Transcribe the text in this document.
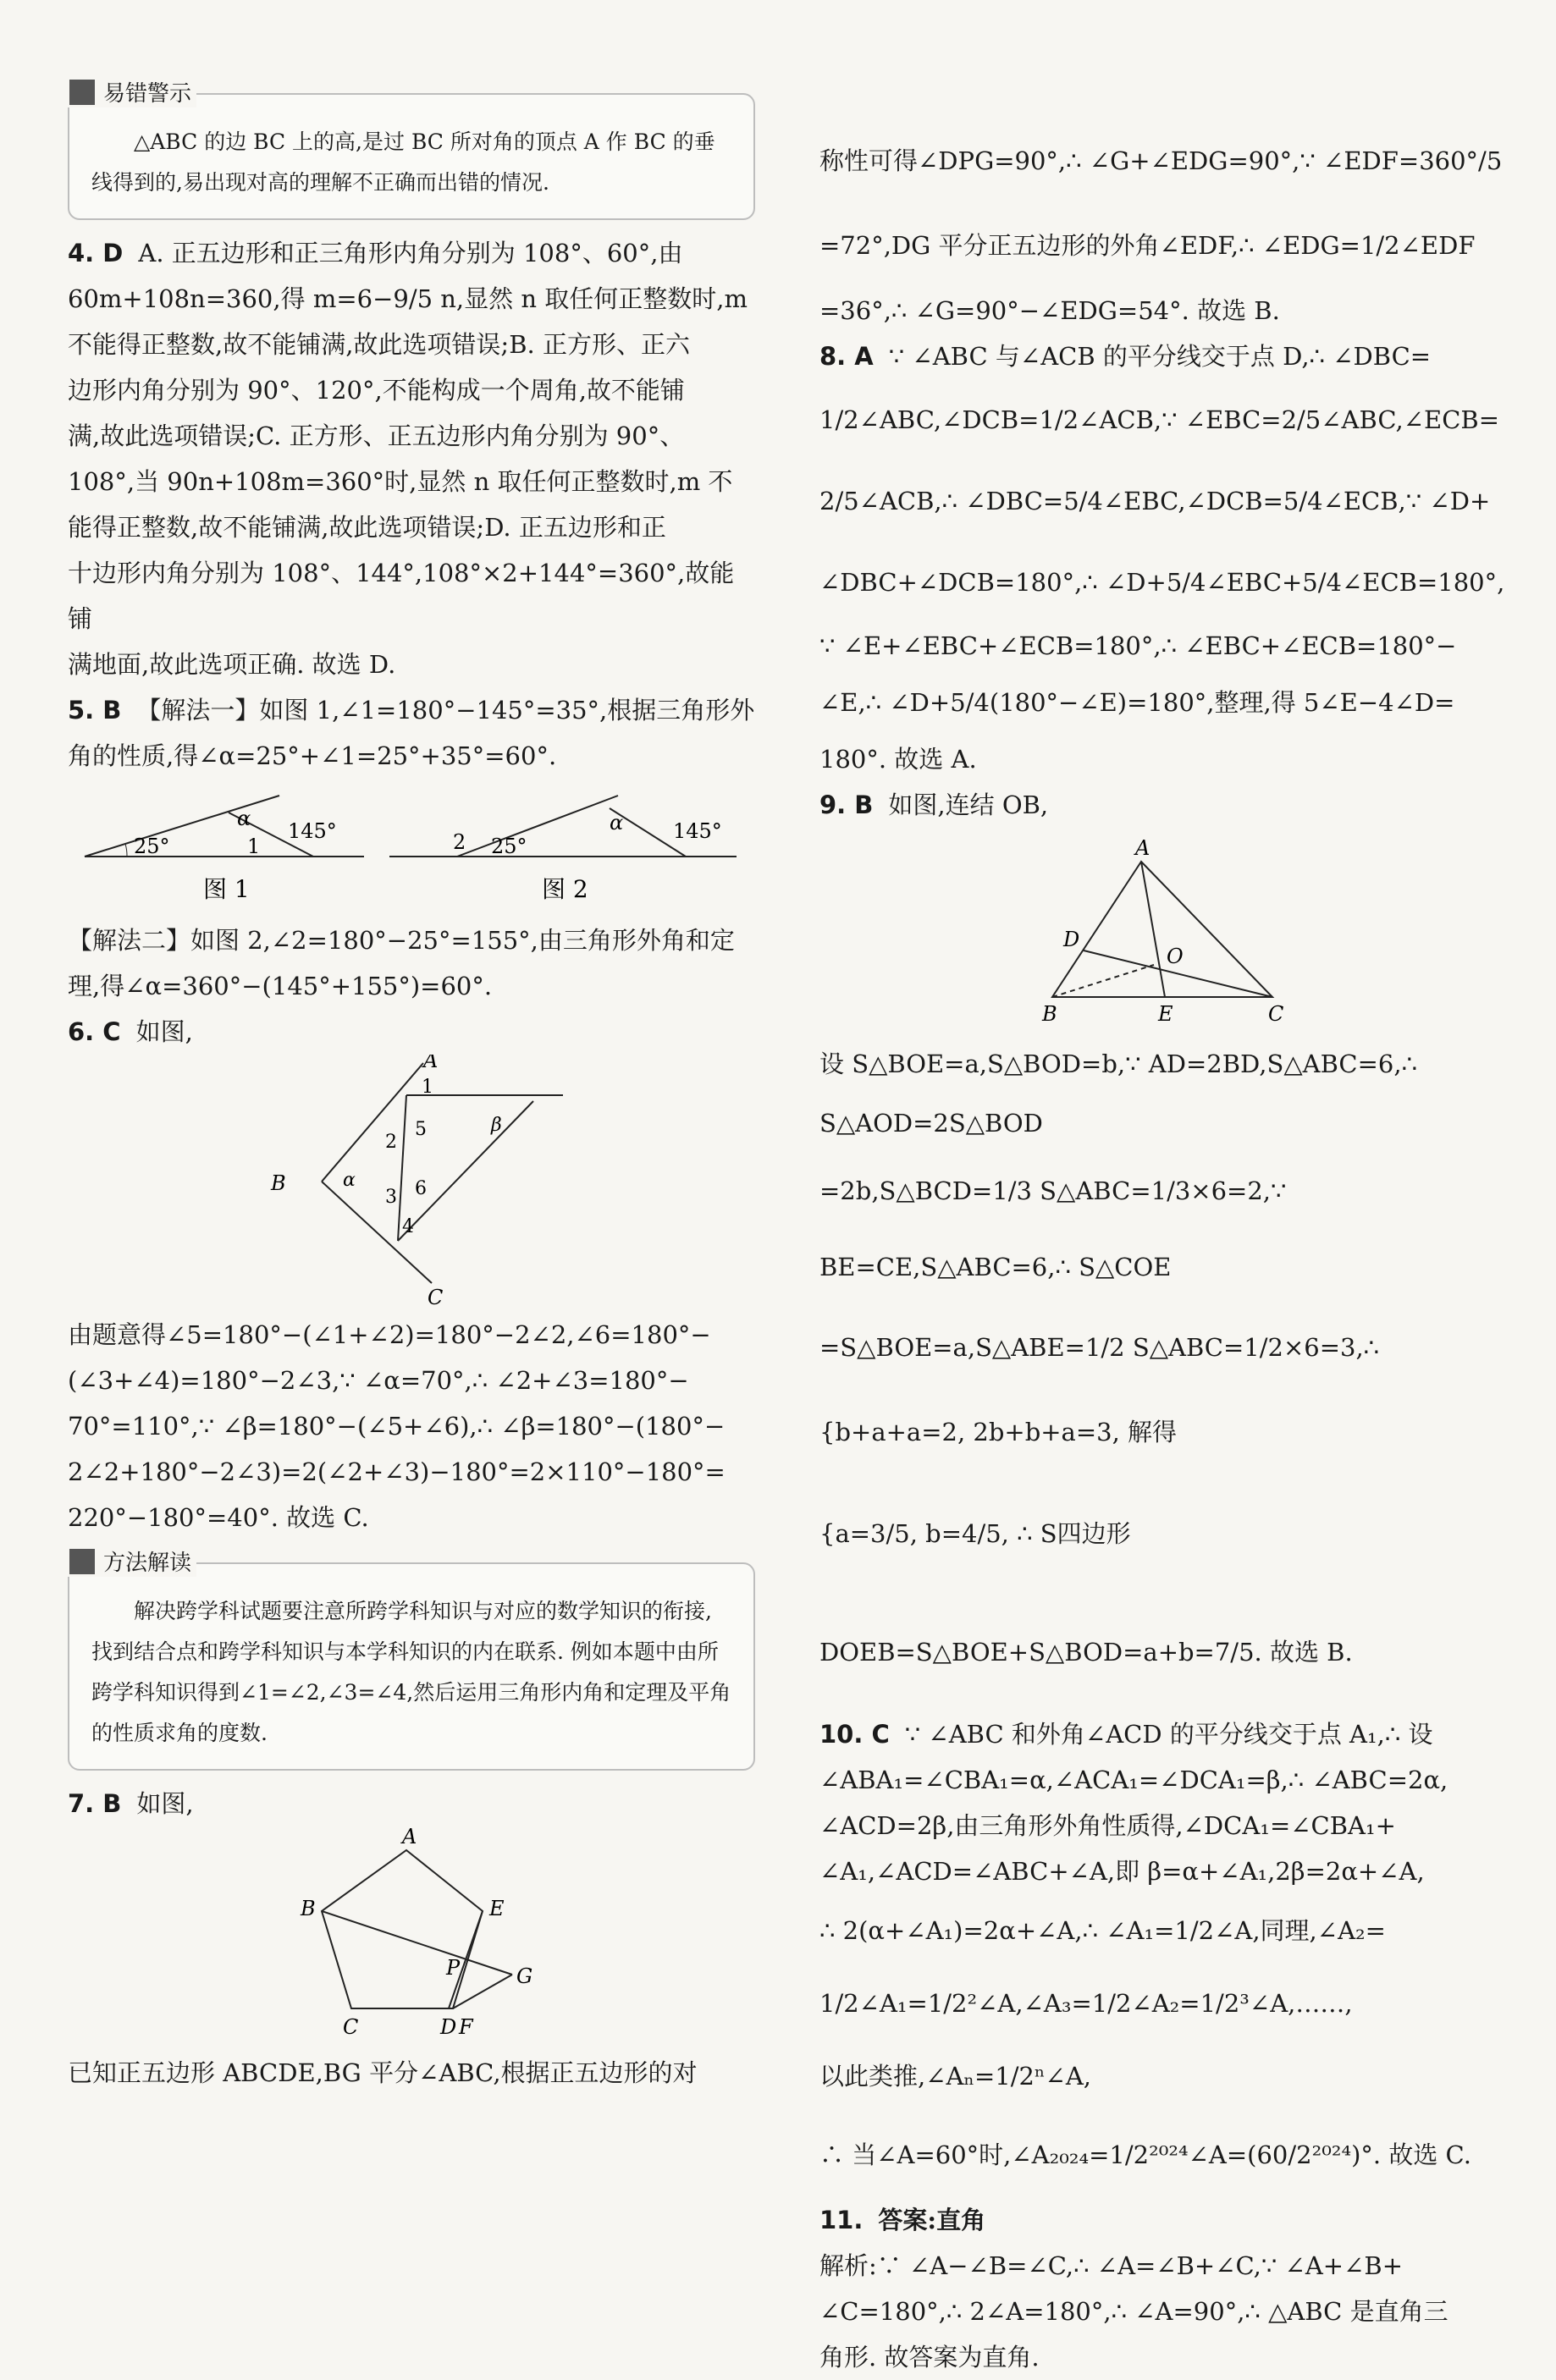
易错警示

△ABC 的边 BC 上的高,是过 BC 所对角的顶点 A 作 BC 的垂线得到的,易出现对高的理解不正确而出错的情况.

4. D A. 正五边形和正三角形内角分别为 108°、60°,由

60m+108n=360,得 m=6−9/5 n,显然 n 取任何正整数时,m

不能得正整数,故不能铺满,故此选项错误;B. 正方形、正六

边形内角分别为 90°、120°,不能构成一个周角,故不能铺

满,故此选项错误;C. 正方形、正五边形内角分别为 90°、

108°,当 90n+108m=360°时,显然 n 取任何正整数时,m 不

能得正整数,故不能铺满,故此选项错误;D. 正五边形和正

十边形内角分别为 108°、144°,108°×2+144°=360°,故能铺

满地面,故此选项正确. 故选 D.

5. B 【解法一】如图 1,∠1=180°−145°=35°,根据三角形外

角的性质,得∠α=25°+∠1=25°+35°=60°.

25°	1
α
145°
图 1
2 25°
α 145°
图 2

【解法二】如图 2,∠2=180°−25°=155°,由三角形外角和定

理,得∠α=360°−(145°+155°)=60°.

6. C 如图,

A
B
C
1
2
3
4
5
6
α
β

由题意得∠5=180°−(∠1+∠2)=180°−2∠2,∠6=180°−

(∠3+∠4)=180°−2∠3,∵ ∠α=70°,∴ ∠2+∠3=180°−

70°=110°,∵ ∠β=180°−(∠5+∠6),∴ ∠β=180°−(180°−

2∠2+180°−2∠3)=2(∠2+∠3)−180°=2×110°−180°=

220°−180°=40°. 故选 C.

方法解读

解决跨学科试题要注意所跨学科知识与对应的数学知识的衔接,找到结合点和跨学科知识与本学科知识的内在联系. 例如本题中由所跨学科知识得到∠1=∠2,∠3=∠4,然后运用三角形内角和定理及平角的性质求角的度数.

7. B 如图,

A
B
C	D F
E
G
P

已知正五边形 ABCDE,BG 平分∠ABC,根据正五边形的对

称性可得∠DPG=90°,∴ ∠G+∠EDG=90°,∵ ∠EDF=360°/5

=72°,DG 平分正五边形的外角∠EDF,∴ ∠EDG=1/2∠EDF

=36°,∴ ∠G=90°−∠EDG=54°. 故选 B.

8. A ∵ ∠ABC 与∠ACB 的平分线交于点 D,∴ ∠DBC=

1/2∠ABC,∠DCB=1/2∠ACB,∵ ∠EBC=2/5∠ABC,∠ECB=

2/5∠ACB,∴ ∠DBC=5/4∠EBC,∠DCB=5/4∠ECB,∵ ∠D+

∠DBC+∠DCB=180°,∴ ∠D+5/4∠EBC+5/4∠ECB=180°,

∵ ∠E+∠EBC+∠ECB=180°,∴ ∠EBC+∠ECB=180°−

∠E,∴ ∠D+5/4(180°−∠E)=180°,整理,得 5∠E−4∠D=

180°. 故选 A.

9. B 如图,连结 OB,

A
B	C
D
E
O

设 S△BOE=a,S△BOD=b,∵ AD=2BD,S△ABC=6,∴ S△AOD=2S△BOD

=2b,S△BCD=1/3 S△ABC=1/3×6=2,∵ BE=CE,S△ABC=6,∴ S△COE

=S△BOE=a,S△ABE=1/2 S△ABC=1/2×6=3,∴ {b+a+a=2, 2b+b+a=3, 解得

{a=3/5, b=4/5, ∴ S四边形DOEB=S△BOE+S△BOD=a+b=7/5. 故选 B.

10. C ∵ ∠ABC 和外角∠ACD 的平分线交于点 A₁,∴ 设

∠ABA₁=∠CBA₁=α,∠ACA₁=∠DCA₁=β,∴ ∠ABC=2α,

∠ACD=2β,由三角形外角性质得,∠DCA₁=∠CBA₁+

∠A₁,∠ACD=∠ABC+∠A,即 β=α+∠A₁,2β=2α+∠A,

∴ 2(α+∠A₁)=2α+∠A,∴ ∠A₁=1/2∠A,同理,∠A₂=

1/2∠A₁=1/2²∠A,∠A₃=1/2∠A₂=1/2³∠A,……,

以此类推,∠Aₙ=1/2ⁿ∠A,

∴ 当∠A=60°时,∠A₂₀₂₄=1/2²⁰²⁴∠A=(60/2²⁰²⁴)°. 故选 C.

11. 答案:直角

解析:∵ ∠A−∠B=∠C,∴ ∠A=∠B+∠C,∵ ∠A+∠B+

∠C=180°,∴ 2∠A=180°,∴ ∠A=90°,∴ △ABC 是直角三

角形. 故答案为直角.
